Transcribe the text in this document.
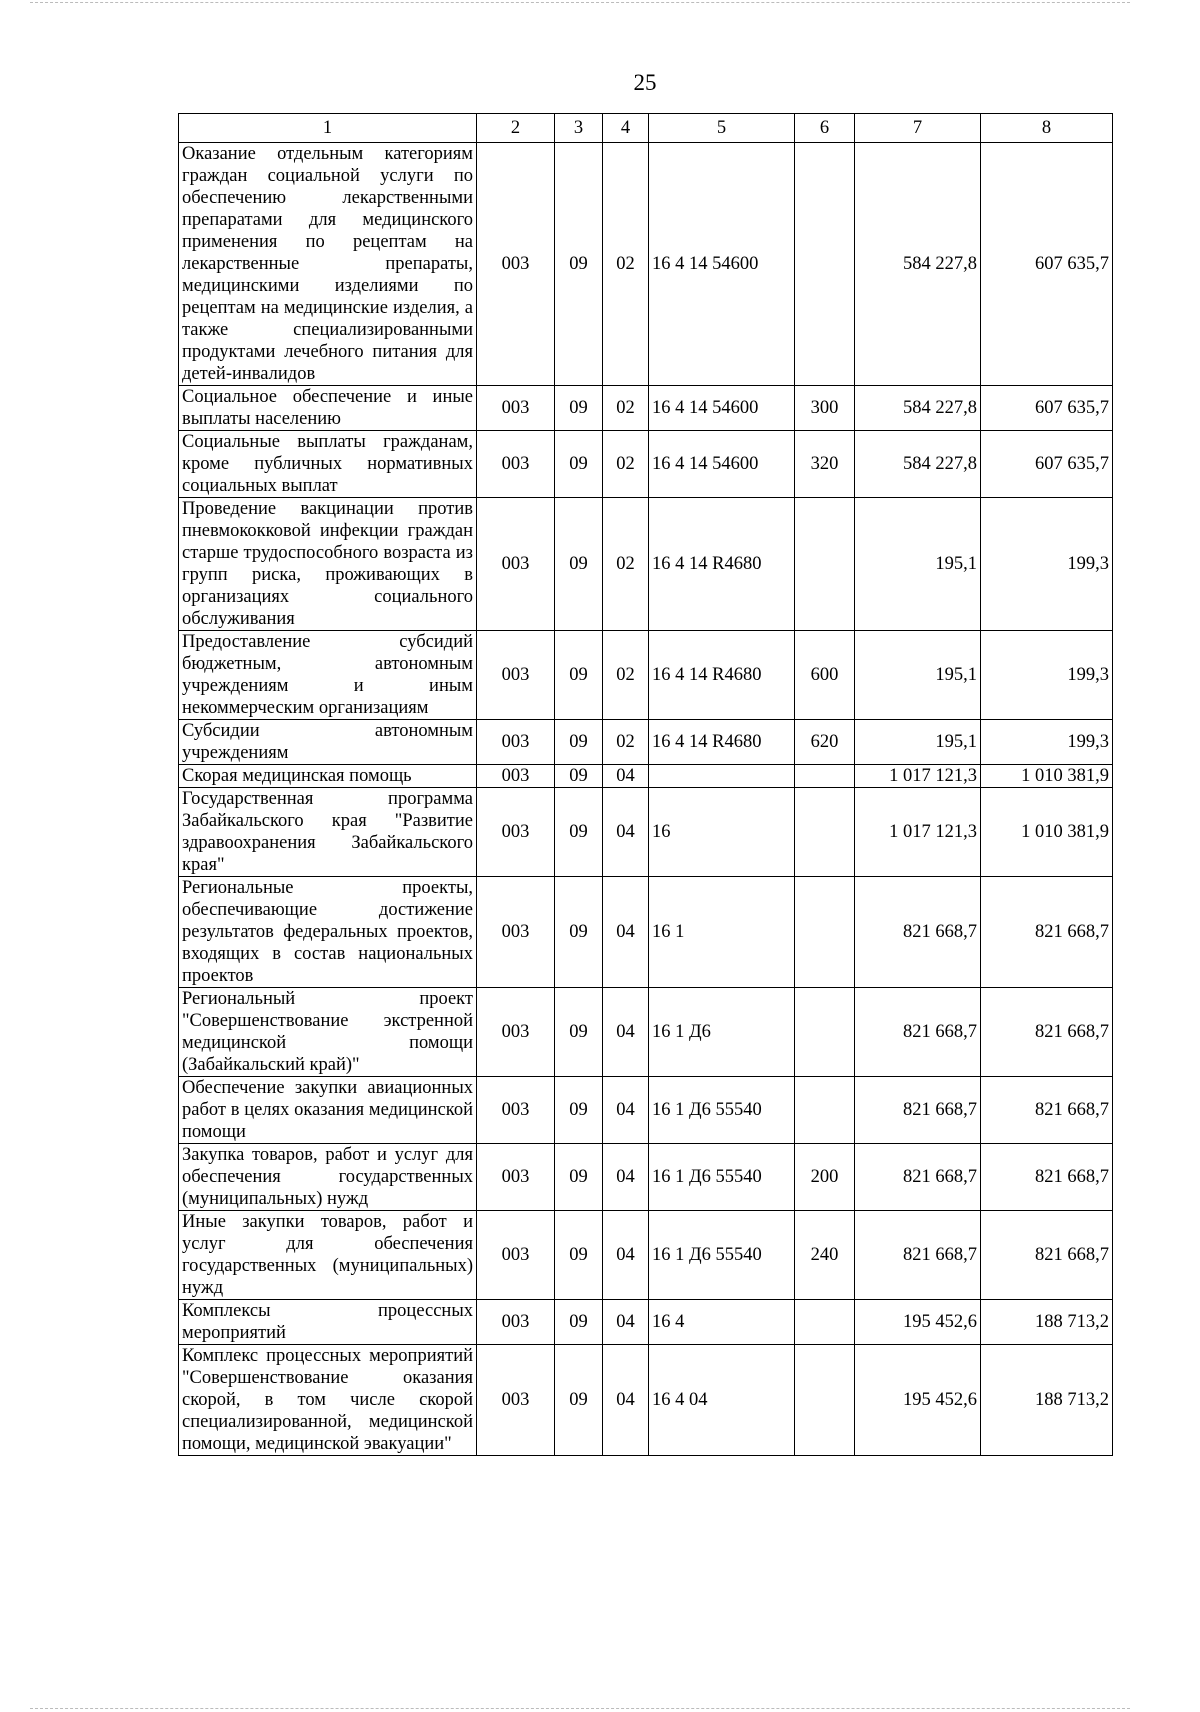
25
1	2	3	4	5	6	7	8
Оказание отдельным категориям граждан социальной услуги по обеспечению лекарственными препаратами для медицинского применения по рецептам на лекарственные препараты, медицинскими изделиями по рецептам на медицинские изделия, а также специализированными продуктами лечебного питания для детей-инвалидов	003	09	02	16 4 14 54600		584 227,8	607 635,7
Социальное обеспечение и иные выплаты населению	003	09	02	16 4 14 54600	300	584 227,8	607 635,7
Социальные выплаты гражданам, кроме публичных нормативных социальных выплат	003	09	02	16 4 14 54600	320	584 227,8	607 635,7
Проведение вакцинации против пневмококковой инфекции граждан старше трудоспособного возраста из групп риска, проживающих в организациях социального обслуживания	003	09	02	16 4 14 R4680		195,1	199,3
Предоставление субсидий бюджетным, автономным учреждениям и иным некоммерческим организациям	003	09	02	16 4 14 R4680	600	195,1	199,3
Субсидии автономным учреждениям	003	09	02	16 4 14 R4680	620	195,1	199,3
Скорая медицинская помощь	003	09	04			1 017 121,3	1 010 381,9
Государственная программа Забайкальского края "Развитие здравоохранения Забайкальского края"	003	09	04	16		1 017 121,3	1 010 381,9
Региональные проекты, обеспечивающие достижение результатов федеральных проектов, входящих в состав национальных проектов	003	09	04	16 1		821 668,7	821 668,7
Региональный проект "Совершенствование экстренной медицинской помощи (Забайкальский край)"	003	09	04	16 1 Д6		821 668,7	821 668,7
Обеспечение закупки авиационных работ в целях оказания медицинской помощи	003	09	04	16 1 Д6 55540		821 668,7	821 668,7
Закупка товаров, работ и услуг для обеспечения государственных (муниципальных) нужд	003	09	04	16 1 Д6 55540	200	821 668,7	821 668,7
Иные закупки товаров, работ и услуг для обеспечения государственных (муниципальных) нужд	003	09	04	16 1 Д6 55540	240	821 668,7	821 668,7
Комплексы процессных мероприятий	003	09	04	16 4		195 452,6	188 713,2
Комплекс процессных мероприятий "Совершенствование оказания скорой, в том числе скорой специализированной, медицинской помощи, медицинской эвакуации"	003	09	04	16 4 04		195 452,6	188 713,2
